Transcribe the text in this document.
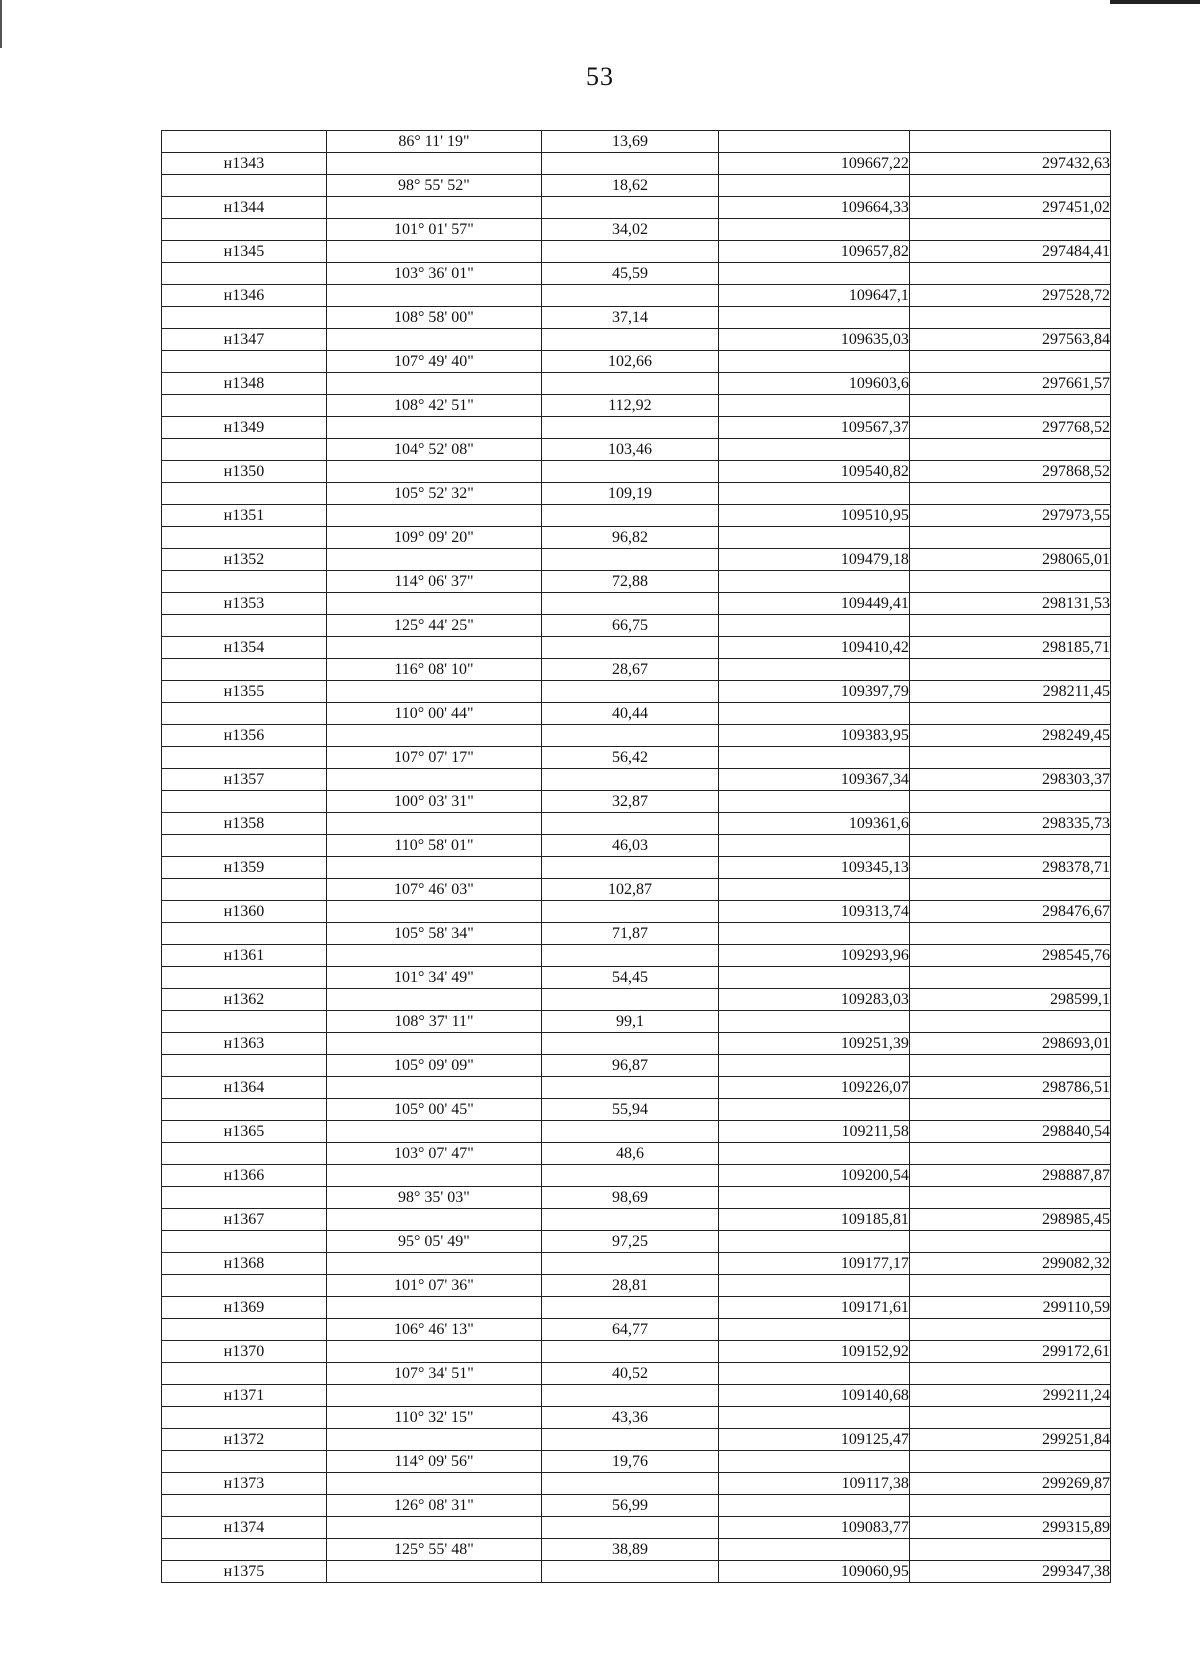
53
	86° 11' 19"	13,69		
н1343			109667,22	297432,63
	98° 55' 52"	18,62		
н1344			109664,33	297451,02
	101° 01' 57"	34,02		
н1345			109657,82	297484,41
	103° 36' 01"	45,59		
н1346			109647,1	297528,72
	108° 58' 00"	37,14		
н1347			109635,03	297563,84
	107° 49' 40"	102,66		
н1348			109603,6	297661,57
	108° 42' 51"	112,92		
н1349			109567,37	297768,52
	104° 52' 08"	103,46		
н1350			109540,82	297868,52
	105° 52' 32"	109,19		
н1351			109510,95	297973,55
	109° 09' 20"	96,82		
н1352			109479,18	298065,01
	114° 06' 37"	72,88		
н1353			109449,41	298131,53
	125° 44' 25"	66,75		
н1354			109410,42	298185,71
	116° 08' 10"	28,67		
н1355			109397,79	298211,45
	110° 00' 44"	40,44		
н1356			109383,95	298249,45
	107° 07' 17"	56,42		
н1357			109367,34	298303,37
	100° 03' 31"	32,87		
н1358			109361,6	298335,73
	110° 58' 01"	46,03		
н1359			109345,13	298378,71
	107° 46' 03"	102,87		
н1360			109313,74	298476,67
	105° 58' 34"	71,87		
н1361			109293,96	298545,76
	101° 34' 49"	54,45		
н1362			109283,03	298599,1
	108° 37' 11"	99,1		
н1363			109251,39	298693,01
	105° 09' 09"	96,87		
н1364			109226,07	298786,51
	105° 00' 45"	55,94		
н1365			109211,58	298840,54
	103° 07' 47"	48,6		
н1366			109200,54	298887,87
	98° 35' 03"	98,69		
н1367			109185,81	298985,45
	95° 05' 49"	97,25		
н1368			109177,17	299082,32
	101° 07' 36"	28,81		
н1369			109171,61	299110,59
	106° 46' 13"	64,77		
н1370			109152,92	299172,61
	107° 34' 51"	40,52		
н1371			109140,68	299211,24
	110° 32' 15"	43,36		
н1372			109125,47	299251,84
	114° 09' 56"	19,76		
н1373			109117,38	299269,87
	126° 08' 31"	56,99		
н1374			109083,77	299315,89
	125° 55' 48"	38,89		
н1375			109060,95	299347,38
